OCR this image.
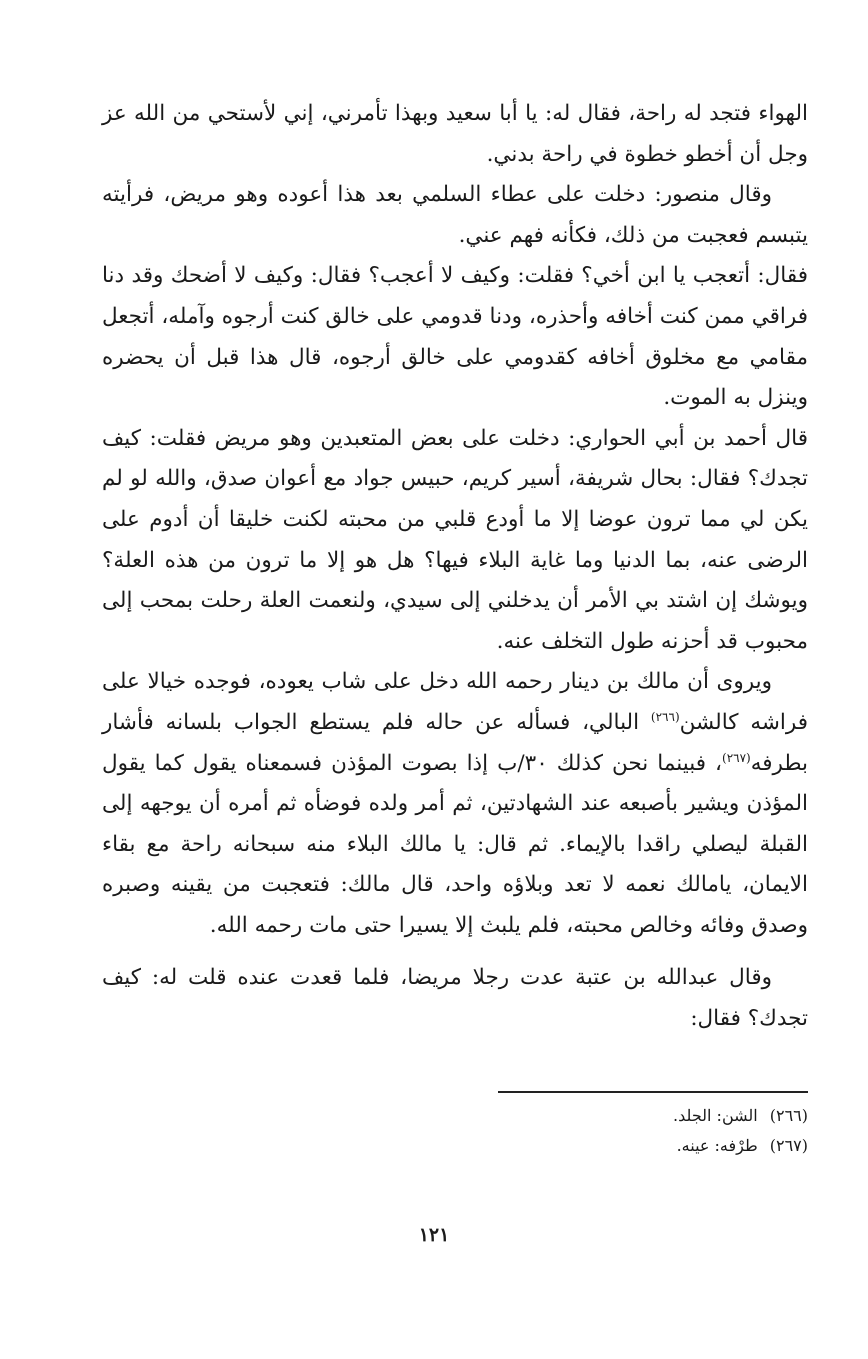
الهواء فتجد له راحة، فقال له: يا أبا سعيد وبهذا تأمرني، إني لأستحي من الله عز وجل أن أخطو خطوة في راحة بدني.

وقال منصور: دخلت على عطاء السلمي بعد هذا أعوده وهو مريض، فرأيته يتبسم فعجبت من ذلك، فكأنه فهم عني.

فقال: أتعجب يا ابن أخي؟ فقلت: وكيف لا أعجب؟ فقال: وكيف لا أضحك وقد دنا فراقي ممن كنت أخافه وأحذره، ودنا قدومي على خالق كنت أرجوه وآمله، أتجعل مقامي مع مخلوق أخافه كقدومي على خالق أرجوه، قال هذا قبل أن يحضره وينزل به الموت.

قال أحمد بن أبي الحواري: دخلت على بعض المتعبدين وهو مريض فقلت: كيف تجدك؟ فقال: بحال شريفة، أسير كريم، حبيس جواد مع أعوان صدق، والله لو لم يكن لي مما ترون عوضا إلا ما أودع قلبي من محبته لكنت خليقا أن أدوم على الرضى عنه، بما الدنيا وما غاية البلاء فيها؟ هل هو إلا ما ترون من هذه العلة؟ ويوشك إن اشتد بي الأمر أن يدخلني إلى سيدي، ولنعمت العلة رحلت بمحب إلى محبوب قد أحزنه طول التخلف عنه.

ويروى أن مالك بن دينار رحمه الله دخل على شاب يعوده، فوجده خيالا على فراشه كالشن$^{(٢٦٦)}$ البالي، فسأله عن حاله فلم يستطع الجواب بلسانه فأشار بطرفه$^{(٢٦٧)}$، فبينما نحن كذلك ٣٠/ب إذا بصوت المؤذن فسمعناه يقول كما يقول المؤذن ويشير بأصبعه عند الشهادتين، ثم أمر ولده فوضأه ثم أمره أن يوجهه إلى القبلة ليصلي راقدا بالإيماء. ثم قال: يا مالك البلاء منه سبحانه راحة مع بقاء الايمان، يامالك نعمه لا تعد وبلاؤه واحد، قال مالك: فتعجبت من يقينه وصبره وصدق وفائه وخالص محبته، فلم يلبث إلا يسيرا حتى مات رحمه الله.

وقال عبدالله بن عتبة عدت رجلا مريضا، فلما قعدت عنده قلت له: كيف تجدك؟ فقال:

(٢٦٦)الشن: الجلد.
(٢٦٧)طرْفه: عينه.
١٢١
